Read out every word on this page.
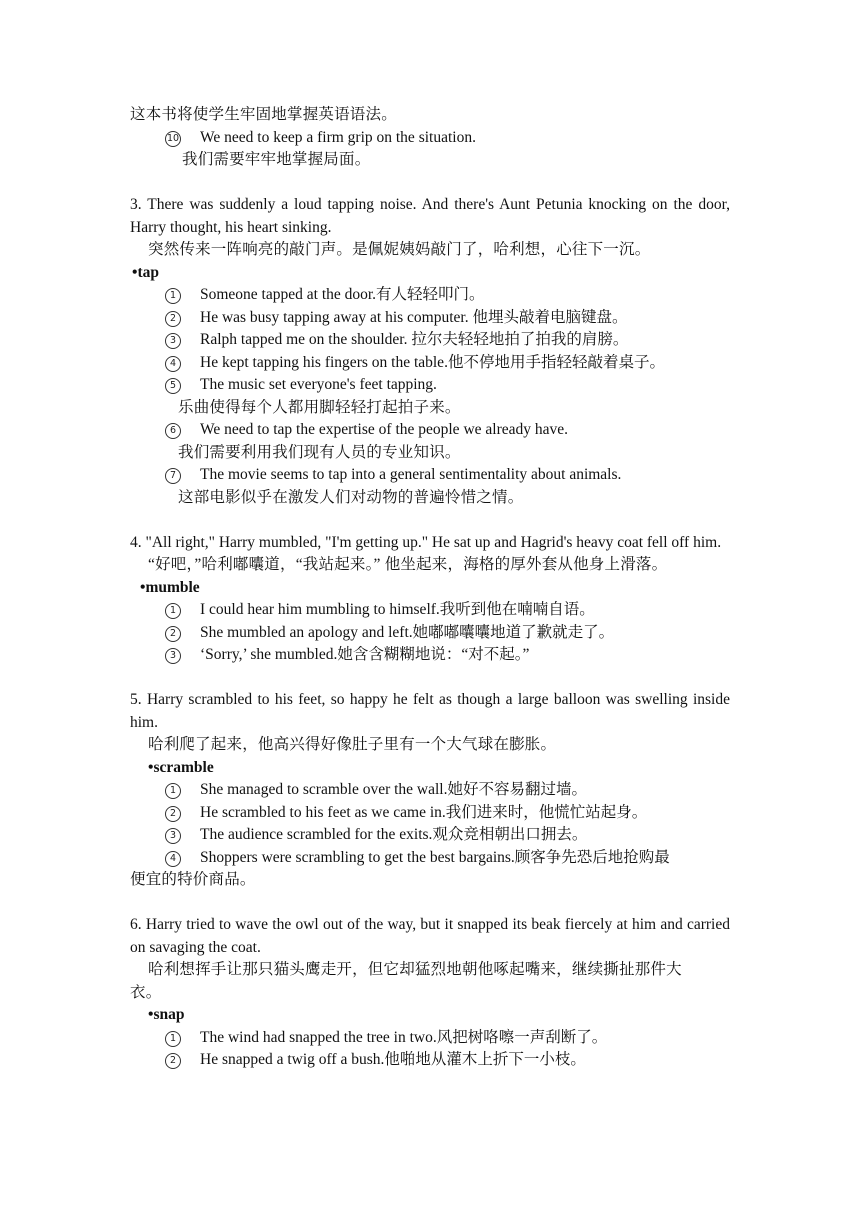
这本书将使学生牢固地掌握英语语法。
10 We need to keep a firm grip on the situation.
我们需要牢牢地掌握局面。
3. There was suddenly a loud tapping noise. And there's Aunt Petunia knocking on the door, Harry thought, his heart sinking.
突然传来一阵响亮的敲门声。是佩妮姨妈敲门了，哈利想，心往下一沉。
•tap
1	Someone tapped at the door.有人轻轻叩门。
2	He was busy tapping away at his computer. 他埋头敲着电脑键盘。
3	Ralph tapped me on the shoulder. 拉尔夫轻轻地拍了拍我的肩膀。
4	He kept tapping his fingers on the table.他不停地用手指轻轻敲着桌子。
5	The music set everyone's feet tapping.
乐曲使得每个人都用脚轻轻打起拍子来。
6	We need to tap the expertise of the people we already have.
我们需要利用我们现有人员的专业知识。
7	The movie seems to tap into a general sentimentality about animals.
这部电影似乎在激发人们对动物的普遍怜惜之情。
4. "All right," Harry mumbled, "I'm getting up." He sat up and Hagrid's heavy coat fell off him.
“好吧，”哈利嘟囔道，“我站起来。” 他坐起来，海格的厚外套从他身上滑落。
•mumble
1	I could hear him mumbling to himself.我听到他在喃喃自语。
2	She mumbled an apology and left.她嘟嘟囔囔地道了歉就走了。
3	‘Sorry,’ she mumbled.她含含糊糊地说：“对不起。”
5. Harry scrambled to his feet, so happy he felt as though a large balloon was swelling inside him.
哈利爬了起来，他高兴得好像肚子里有一个大气球在膨胀。
•scramble
1	She managed to scramble over the wall.她好不容易翻过墙。
2	He scrambled to his feet as we came in.我们进来时，他慌忙站起身。
3	The audience scrambled for the exits.观众竞相朝出口拥去。
4	Shoppers were scrambling to get the best bargains.顾客争先恐后地抢购最
便宜的特价商品。
6. Harry tried to wave the owl out of the way, but it snapped its beak fiercely at him and carried on savaging the coat.
哈利想挥手让那只猫头鹰走开，但它却猛烈地朝他啄起嘴来，继续撕扯那件大
衣。
•snap
1	The wind had snapped the tree in two.风把树咯嚓一声刮断了。
2	He snapped a twig off a bush.他啪地从灌木上折下一小枝。
